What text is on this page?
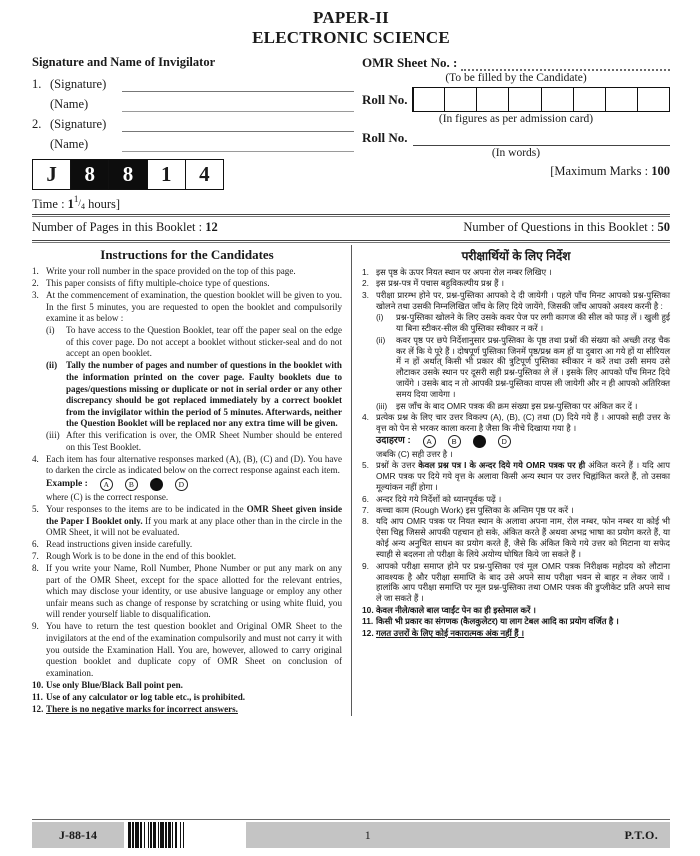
PAPER-II
ELECTRONIC SCIENCE
Signature and Name of Invigilator
1. (Signature)
(Name)
2. (Signature)
(Name)
J	8	8	1	4
Time : $1^1/_4$ hours]
OMR Sheet No. :
(To be filled by the Candidate)
Roll No.
(In figures as per admission card)
Roll No.
(In words)
[Maximum Marks : 100
Number of Pages in this Booklet : 12	Number of Questions in this Booklet : 50
Instructions for the Candidates
1. Write your roll number in the space provided on the top of this page.
2. This paper consists of fifty multiple-choice type of questions.
3. At the commencement of examination, the question booklet will be given to you. In the first 5 minutes, you are requested to open the booklet and compulsorily examine it as below :
(i)	To have access to the Question Booklet, tear off the paper seal on the edge of this cover page. Do not accept a booklet without sticker-seal and do not accept an open booklet.
(ii) Tally the number of pages and number of questions in the booklet with the information printed on the cover page. Faulty booklets due to pages/questions missing or duplicate or not in serial order or any other discrepancy should be got replaced immediately by a correct booklet from the invigilator within the period of 5 minutes. Afterwards, neither the Question Booklet will be replaced nor any extra time will be given.
(iii) After this verification is over, the OMR Sheet Number should be entered on this Test Booklet.
4. Each item has four alternative responses marked (A), (B), (C) and (D). You have to darken the circle as indicated below on the correct response against each item.
Example :	A	B	D
where (C) is the correct response.
5. Your responses to the items are to be indicated in the OMR Sheet given inside the Paper I Booklet only. If you mark at any place other than in the circle in the OMR Sheet, it will not be evaluated.
6. Read instructions given inside carefully.
7. Rough Work is to be done in the end of this booklet.
8. If you write your Name, Roll Number, Phone Number or put any mark on any part of the OMR Sheet, except for the space allotted for the relevant entries, which may disclose your identity, or use abusive language or employ any other unfair means such as change of response by scratching or using white fluid, you will render yourself liable to disqualification.
9. You have to return the test question booklet and Original OMR Sheet to the invigilators at the end of the examination compulsorily and must not carry it with you outside the Examination Hall. You are, however, allowed to carry original question booklet and duplicate copy of OMR Sheet on conclusion of examination.
10. Use only Blue/Black Ball point pen.
11. Use of any calculator or log table etc., is prohibited.
12. There is no negative marks for incorrect answers.
परीक्षार्थियों के लिए निर्देश
1. इस पृष्ठ के ऊपर नियत स्थान पर अपना रोल नम्बर लिखिए ।
2. इस प्रश्न-पत्र में पचास बहुविकल्पीय प्रश्न हैं ।
3. परीक्षा प्रारम्भ होने पर, प्रश्न-पुस्तिका आपको दे दी जायेगी । पहले पाँच मिनट आपको प्रश्न-पुस्तिका खोलने तथा उसकी निम्नलिखित जाँच के लिए दिये जायेंगे, जिसकी जाँच आपको अवश्य करनी है :
(i)	प्रश्न-पुस्तिका खोलने के लिए उसके कवर पेज पर लगी कागज की सील को फाड़ लें । खुली हुई या बिना स्टीकर-सील की पुस्तिका स्वीकार न करें ।
(ii)	कवर पृष्ठ पर छपे निर्देशानुसार प्रश्न-पुस्तिका के पृष्ठ तथा प्रश्नों की संख्या को अच्छी तरह चैक कर लें कि ये पूरे हैं । दोषपूर्ण पुस्तिका जिनमें पृष्ठ/प्रश्न कम हों या दुबारा आ गये हों या सीरियल में न हों अर्थात् किसी भी प्रकार की त्रुटिपूर्ण पुस्तिका स्वीकार न करें तथा उसी समय उसे लौटाकर उसके स्थान पर दूसरी सही प्रश्न-पुस्तिका ले लें । इसके लिए आपको पाँच मिनट दिये जायेंगे । उसके बाद न तो आपकी प्रश्न-पुस्तिका वापस ली जायेगी और न ही आपको अतिरिक्त समय दिया जायेगा ।
(iii)	इस जाँच के बाद OMR पत्रक की क्रम संख्या इस प्रश्न-पुस्तिका पर अंकित कर दें ।
4. प्रत्येक प्रश्न के लिए चार उत्तर विकल्प (A), (B), (C) तथा (D) दिये गये हैं । आपको सही उत्तर के वृत्त को पेन से भरकर काला करना है जैसा कि नीचे दिखाया गया है ।
उदाहरण :	A	B	D
जबकि (C) सही उत्तर है ।
5. प्रश्नों के उत्तर केवल प्रश्न पत्र I के अन्दर दिये गये OMR पत्रक पर ही अंकित करने हैं । यदि आप OMR पत्रक पर दिये गये वृत्त के अलावा किसी अन्य स्थान पर उत्तर चिह्नांकित करते हैं, तो उसका मूल्यांकन नहीं होगा ।
6. अन्दर दिये गये निर्देशों को ध्यानपूर्वक पढ़ें ।
7. कच्चा काम (Rough Work) इस पुस्तिका के अन्तिम पृष्ठ पर करें ।
8. यदि आप OMR पत्रक पर नियत स्थान के अलावा अपना नाम, रोल नम्बर, फोन नम्बर या कोई भी ऐसा चिह्न जिससे आपकी पहचान हो सके, अंकित करते हैं अथवा अभद्र भाषा का प्रयोग करते हैं, या कोई अन्य अनुचित साधन का प्रयोग करते हैं, जैसे कि अंकित किये गये उत्तर को मिटाना या सफेद स्याही से बदलना तो परीक्षा के लिये अयोग्य घोषित किये जा सकते हैं ।
9. आपको परीक्षा समाप्त होने पर प्रश्न-पुस्तिका एवं मूल OMR पत्रक निरीक्षक महोदय को लौटाना आवश्यक है और परीक्षा समाप्ति के बाद उसे अपने साथ परीक्षा भवन से बाहर न लेकर जायें । हालांकि आप परीक्षा समाप्ति पर मूल प्रश्न-पुस्तिका तथा OMR पत्रक की डुप्लीकेट प्रति अपने साथ ले जा सकते हैं ।
10. केवल नीले/काले बाल प्वाईंट पेन का ही इस्तेमाल करें ।
11. किसी भी प्रकार का संगणक (कैलकुलेटर) या लाग टेबल आदि का प्रयोग वर्जित है ।
12. गलत उत्तरों के लिए कोई नकारात्मक अंक नहीं हैं ।
J-88-14	1	P.T.O.
